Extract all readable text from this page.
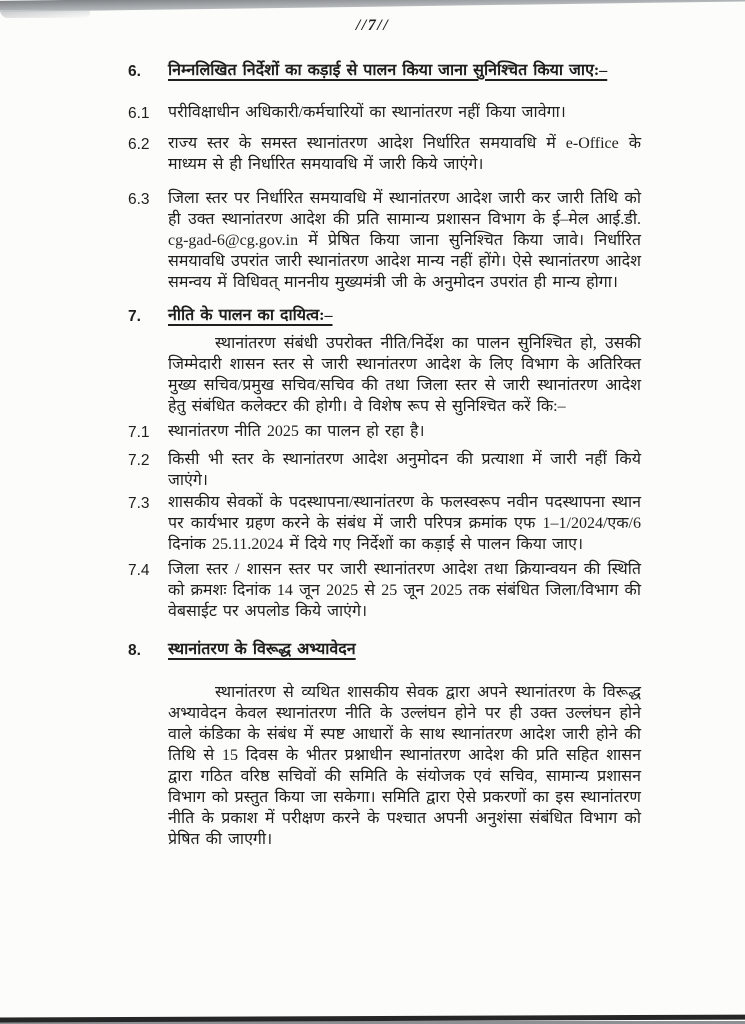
//7//
6.	निम्नलिखित निर्देशों का कड़ाई से पालन किया जाना सुनिश्चित किया जाए:–
6.1	परीविक्षाधीन अधिकारी/कर्मचारियों का स्थानांतरण नहीं किया जावेगा।
6.2	राज्य स्तर के समस्त स्थानांतरण आदेश निर्धारित समयावधि में e-Office के माध्यम से ही निर्धारित समयावधि में जारी किये जाएंगे।
6.3	जिला स्तर पर निर्धारित समयावधि में स्थानांतरण आदेश जारी कर जारी तिथि को ही उक्त स्थानांतरण आदेश की प्रति सामान्य प्रशासन विभाग के ई–मेल आई.डी. cg-gad-6@cg.gov.in में प्रेषित किया जाना सुनिश्चित किया जावे। निर्धारित समयावधि उपरांत जारी स्थानांतरण आदेश मान्य नहीं होंगे। ऐसे स्थानांतरण आदेश समन्वय में विधिवत् माननीय मुख्यमंत्री जी के अनुमोदन उपरांत ही मान्य होगा।
7.	नीति के पालन का दायित्व:–
स्थानांतरण संबंधी उपरोक्त नीति/निर्देश का पालन सुनिश्चित हो, उसकी जिम्मेदारी शासन स्तर से जारी स्थानांतरण आदेश के लिए विभाग के अतिरिक्त मुख्य सचिव/प्रमुख सचिव/सचिव की तथा जिला स्तर से जारी स्थानांतरण आदेश हेतु संबंधित कलेक्टर की होगी। वे विशेष रूप से सुनिश्चित करें कि:–
7.1	स्थानांतरण नीति 2025 का पालन हो रहा है।
7.2	किसी भी स्तर के स्थानांतरण आदेश अनुमोदन की प्रत्याशा में जारी नहीं किये जाएंगे।
7.3	शासकीय सेवकों के पदस्थापना/स्थानांतरण के फलस्वरूप नवीन पदस्थापना स्थान पर कार्यभार ग्रहण करने के संबंध में जारी परिपत्र क्रमांक एफ 1–1/2024/एक/6 दिनांक 25.11.2024 में दिये गए निर्देशों का कड़ाई से पालन किया जाए।
7.4	जिला स्तर / शासन स्तर पर जारी स्थानांतरण आदेश तथा क्रियान्वयन की स्थिति को क्रमशः दिनांक 14 जून 2025 से 25 जून 2025 तक संबंधित जिला/विभाग की वेबसाईट पर अपलोड किये जाएंगे।
8.	स्थानांतरण के विरूद्ध अभ्यावेदन
स्थानांतरण से व्यथित शासकीय सेवक द्वारा अपने स्थानांतरण के विरूद्ध अभ्यावेदन केवल स्थानांतरण नीति के उल्लंघन होने पर ही उक्त उल्लंघन होने वाले कंडिका के संबंध में स्पष्ट आधारों के साथ स्थानांतरण आदेश जारी होने की तिथि से 15 दिवस के भीतर प्रश्नाधीन स्थानांतरण आदेश की प्रति सहित शासन द्वारा गठित वरिष्ठ सचिवों की समिति के संयोजक एवं सचिव, सामान्य प्रशासन विभाग को प्रस्तुत किया जा सकेगा। समिति द्वारा ऐसे प्रकरणों का इस स्थानांतरण नीति के प्रकाश में परीक्षण करने के पश्चात अपनी अनुशंसा संबंधित विभाग को प्रेषित की जाएगी।
